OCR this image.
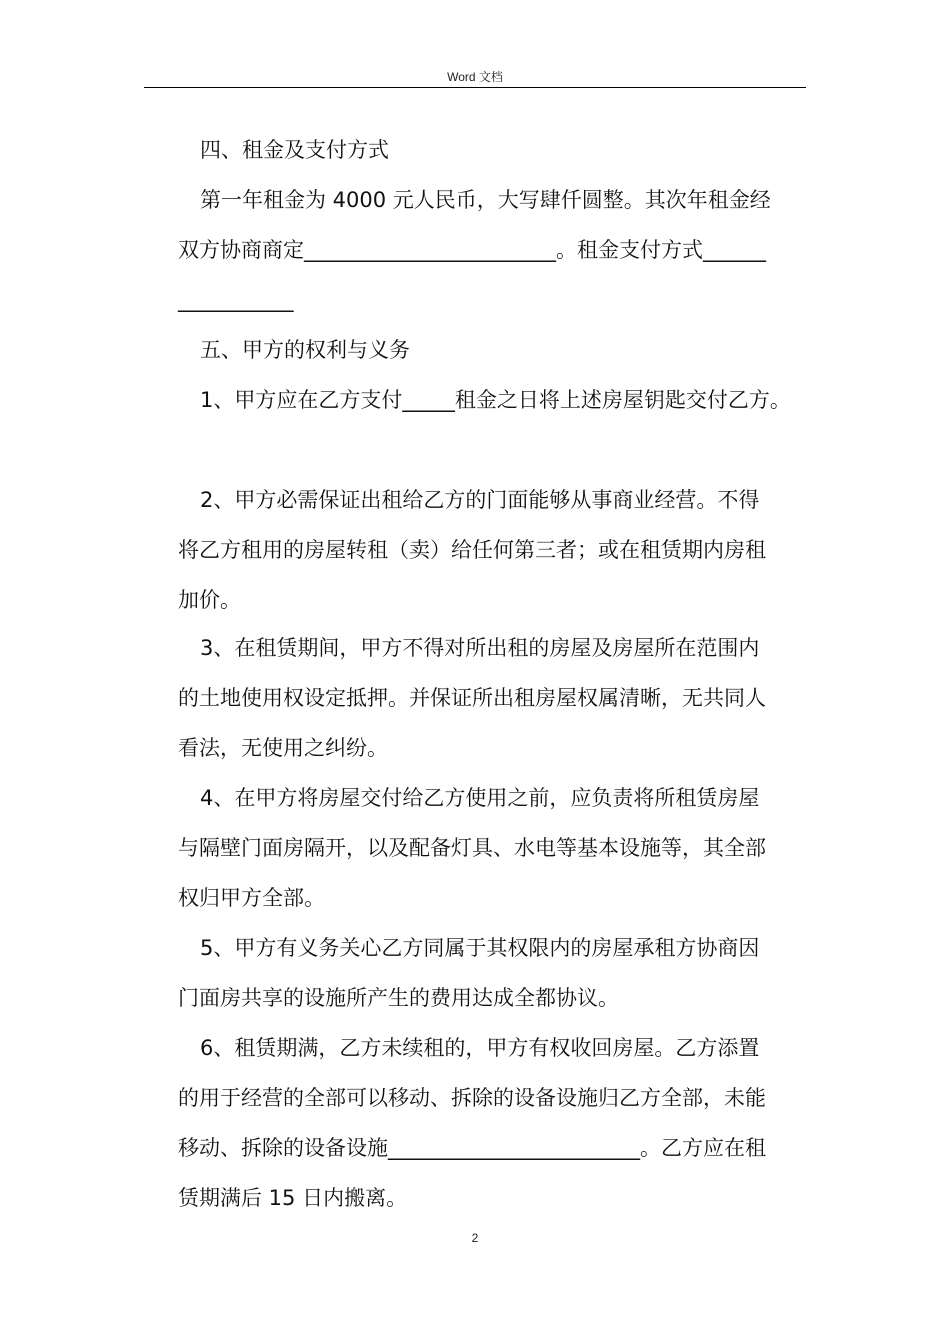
Word 文档
四、租金及支付方式
第一年租金为 4000 元人民币，大写肆仟圆整。其次年租金经
双方协商商定________________________。租金支付方式______
___________
五、甲方的权利与义务
1、甲方应在乙方支付_____租金之日将上述房屋钥匙交付乙方。
2、甲方必需保证出租给乙方的门面能够从事商业经营。不得
将乙方租用的房屋转租（卖）给任何第三者；或在租赁期内房租
加价。
3、在租赁期间，甲方不得对所出租的房屋及房屋所在范围内
的土地使用权设定抵押。并保证所出租房屋权属清晰，无共同人
看法，无使用之纠纷。
4、在甲方将房屋交付给乙方使用之前，应负责将所租赁房屋
与隔壁门面房隔开，以及配备灯具、水电等基本设施等，其全部
权归甲方全部。
5、甲方有义务关心乙方同属于其权限内的房屋承租方协商因
门面房共享的设施所产生的费用达成全都协议。
6、租赁期满，乙方未续租的，甲方有权收回房屋。乙方添置
的用于经营的全部可以移动、拆除的设备设施归乙方全部，未能
移动、拆除的设备设施________________________。乙方应在租
赁期满后 15 日内搬离。
2
